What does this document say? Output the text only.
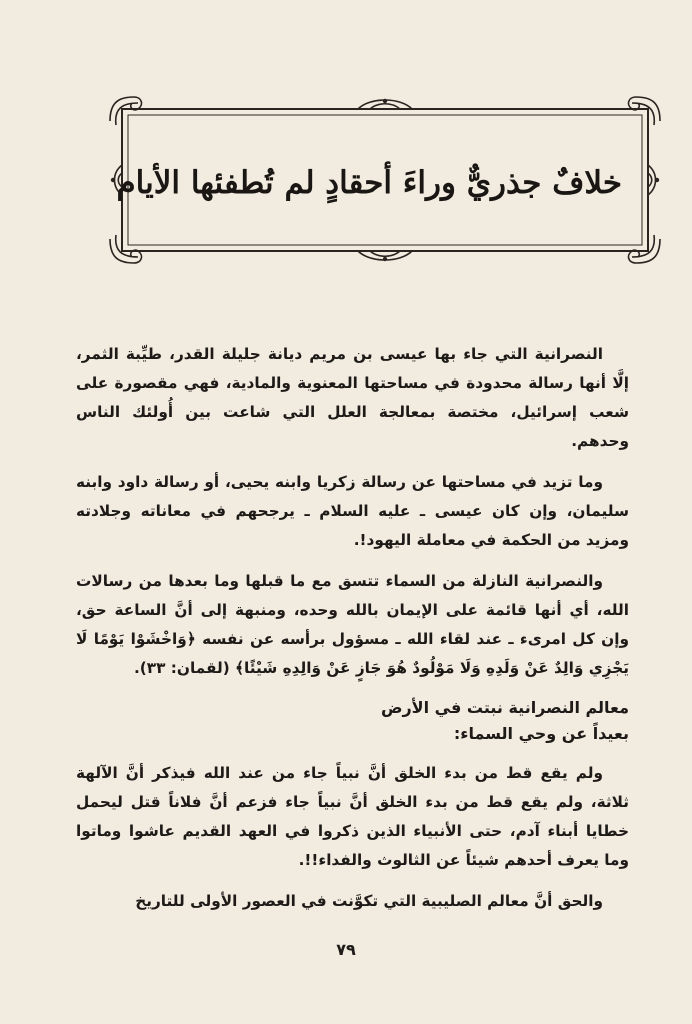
خلافٌ جذريٌّ وراءَ أحقادٍ لم تُطفئها الأيام

النصرانية التي جاء بها عيسى بن مريم ديانة جليلة القدر، طيِّبة الثمر، إلَّا أنها رسالة محدودة في مساحتها المعنوية والمادية، فهي مقصورة على شعب إسرائيل، مختصة بمعالجة العلل التي شاعت بين أُولئك الناس وحدهم.

وما تزيد في مساحتها عن رسالة زكريا وابنه يحيى، أو رسالة داود وابنه سليمان، وإن كان عيسى ـ عليه السلام ـ يرجحهم في معاناته وجلادته ومزيد من الحكمة في معاملة اليهود!.

والنصرانية النازلة من السماء تتسق مع ما قبلها وما بعدها من رسالات الله، أي أنها قائمة على الإيمان بالله وحده، ومنبهة إلى أنَّ الساعة حق، وإن كل امرىء ـ عند لقاء الله ـ مسؤول برأسه عن نفسه ﴿وَاخْشَوْا يَوْمًا لَا يَجْزِي وَالِدٌ عَنْ وَلَدِهِ وَلَا مَوْلُودٌ هُوَ جَازٍ عَنْ وَالِدِهِ شَيْئًا﴾ (لقمان: ٣٣).

معالم النصرانية نبتت في الأرض
بعيداً عن وحي السماء:

ولم يقع قط من بدء الخلق أنَّ نبياً جاء من عند الله فيذكر أنَّ الآلهة ثلاثة، ولم يقع قط من بدء الخلق أنَّ نبياً جاء فزعم أنَّ فلاناً قتل ليحمل خطايا أبناء آدم، حتى الأنبياء الذين ذكروا في العهد القديم عاشوا وماتوا وما يعرف أحدهم شيئاً عن الثالوث والفداء!!.

والحق أنَّ معالم الصليبية التي تكوَّنت في العصور الأولى للتاريخ

٧٩
